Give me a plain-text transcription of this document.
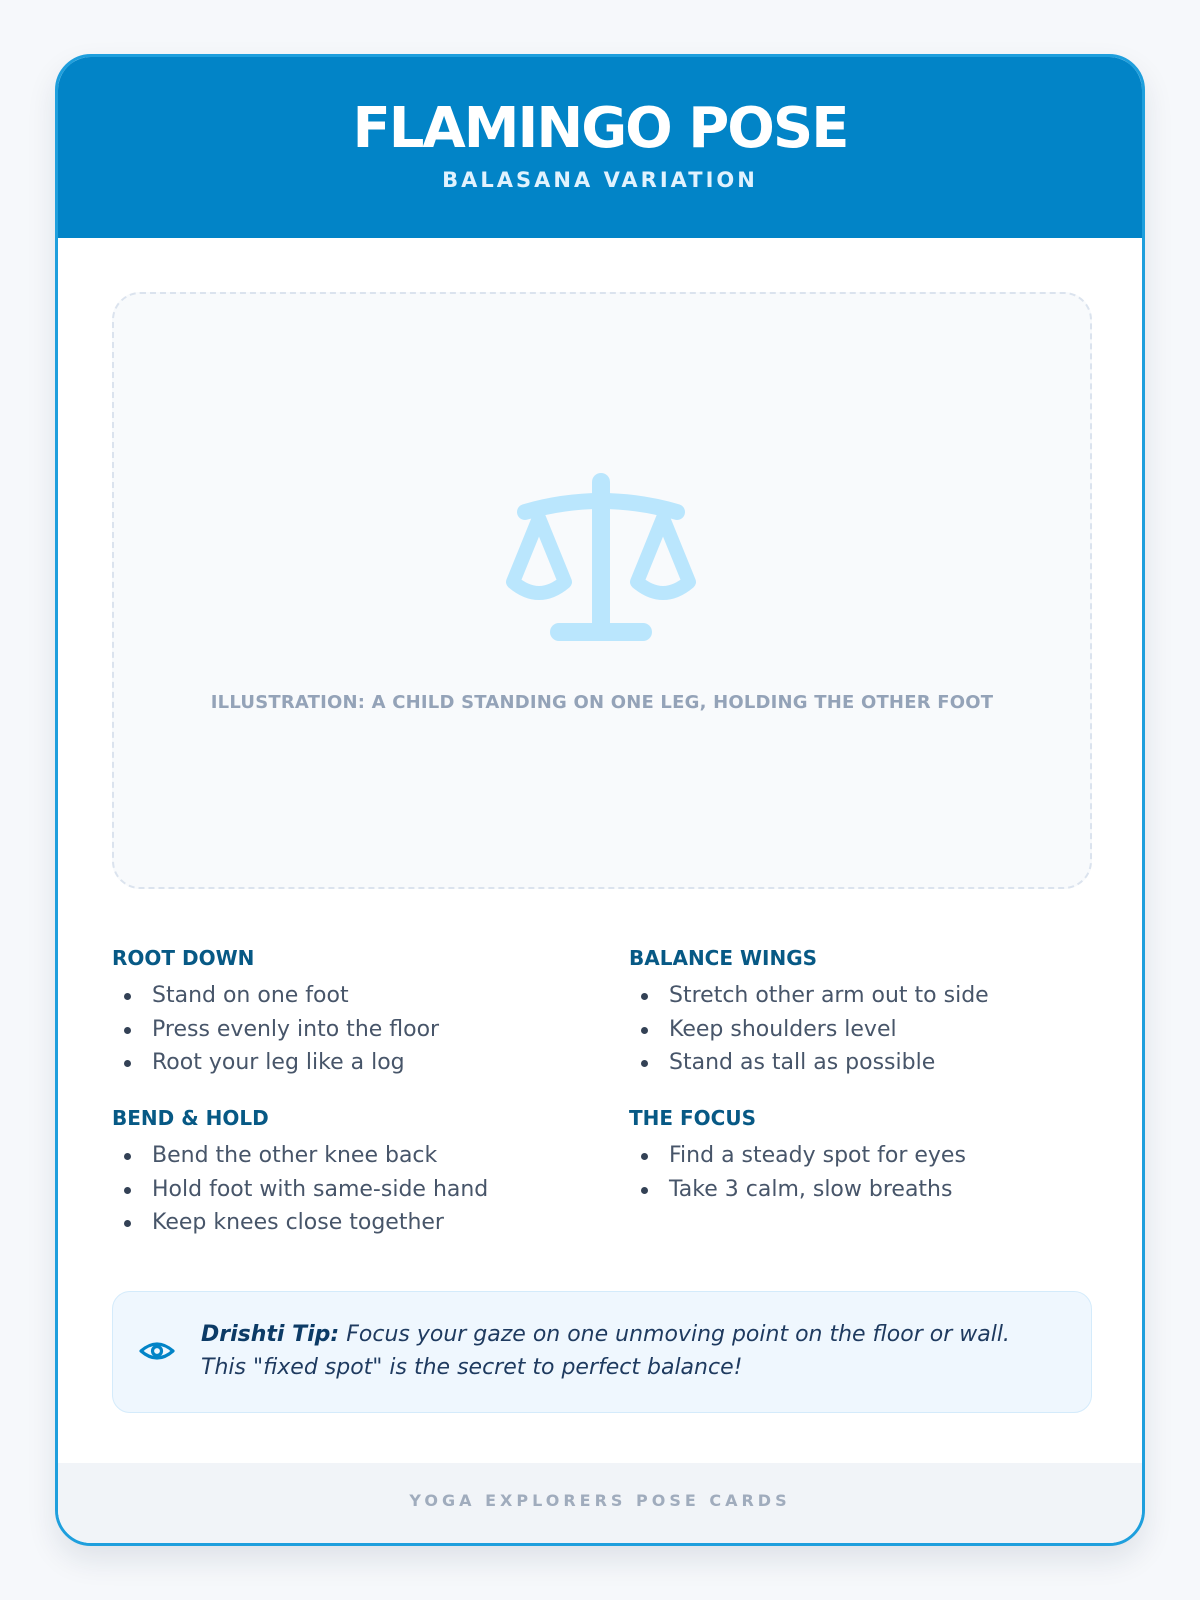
FLAMINGO POSE
BALASANA VARIATION
ILLUSTRATION: A CHILD STANDING ON ONE LEG, HOLDING THE OTHER FOOT
ROOT DOWN
Stand on one foot
Press evenly into the floor
Root your leg like a log
BALANCE WINGS
Stretch other arm out to side
Keep shoulders level
Stand as tall as possible
BEND & HOLD
Bend the other knee back
Hold foot with same-side hand
Keep knees close together
THE FOCUS
Find a steady spot for eyes
Take 3 calm, slow breaths
Drishti Tip: Focus your gaze on one unmoving point on the floor or wall. This "fixed spot" is the secret to perfect balance!
YOGA EXPLORERS POSE CARDS
